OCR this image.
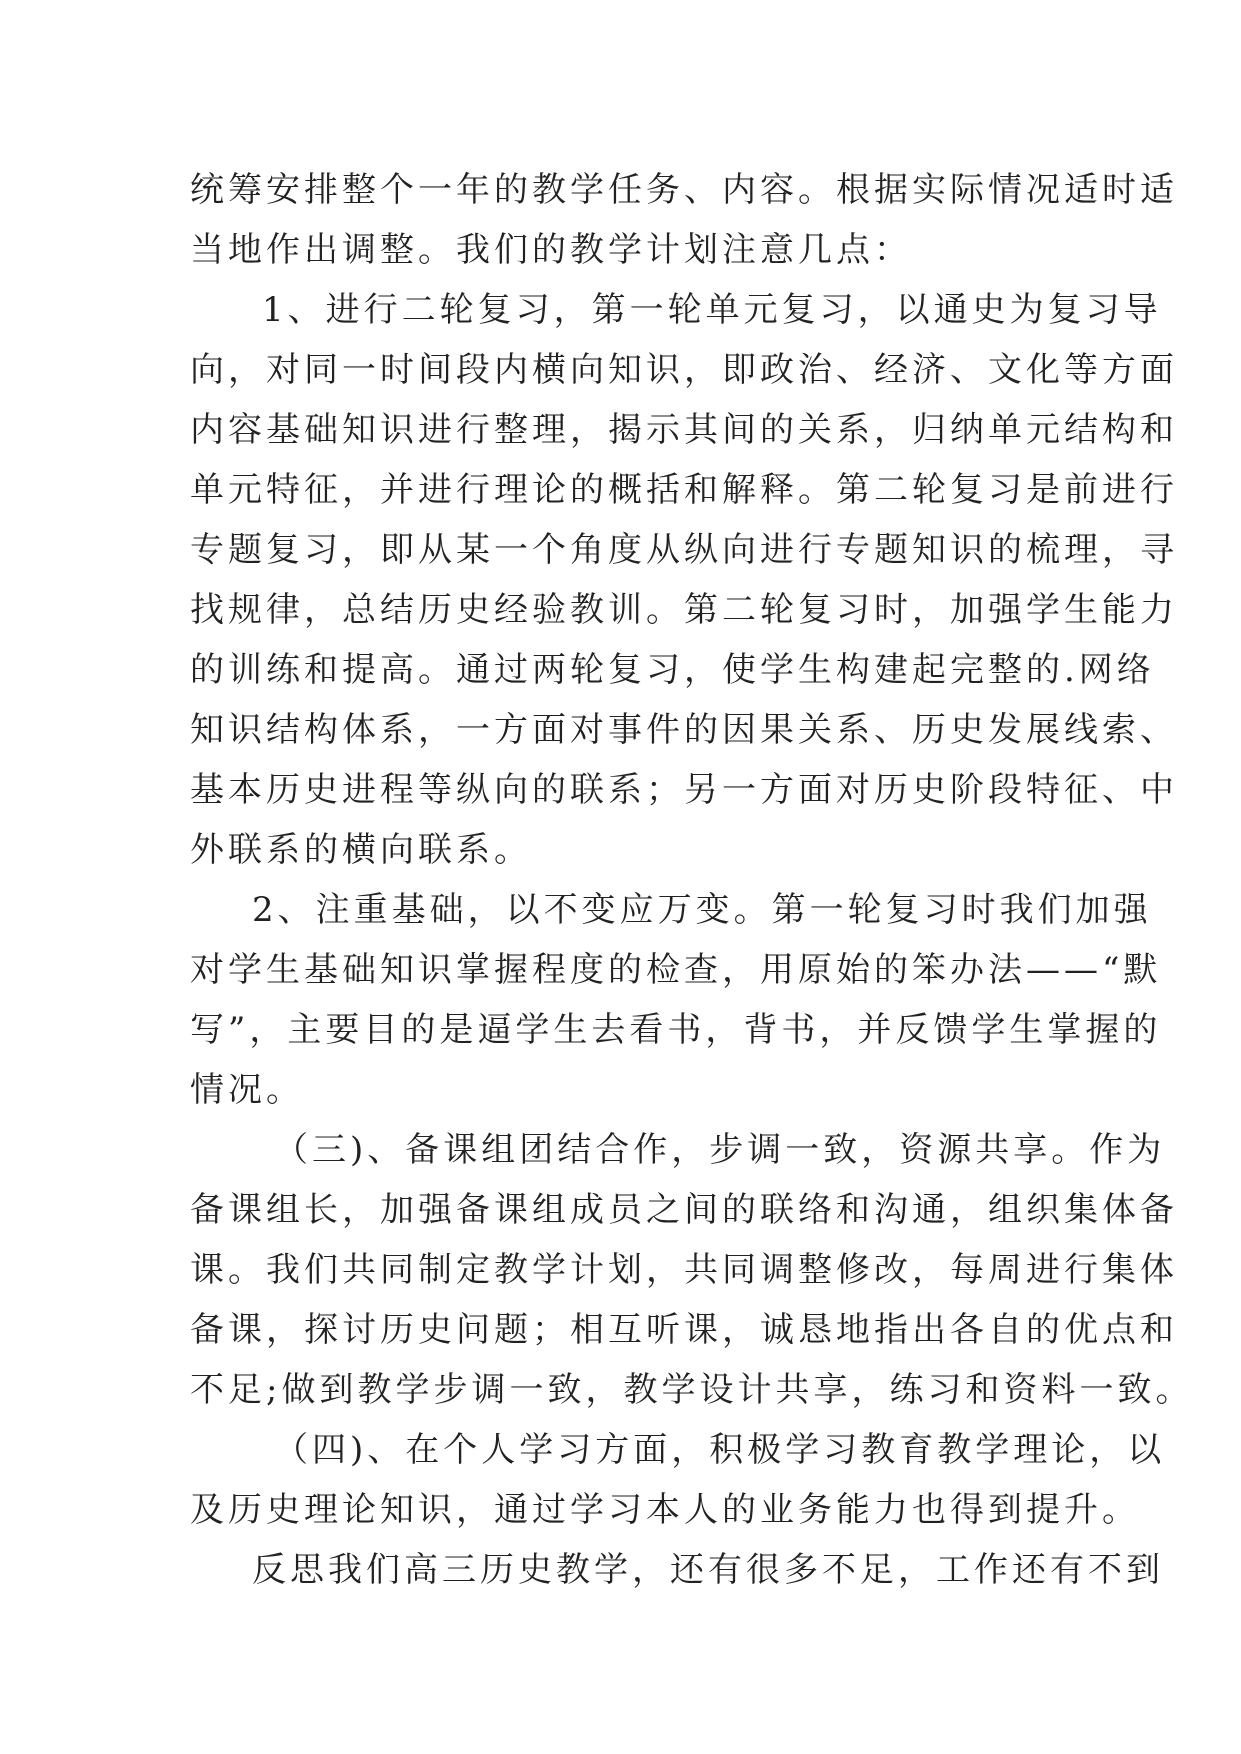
统筹安排整个一年的教学任务、内容。根据实际情况适时适
当地作出调整。我们的教学计划注意几点：
1、进行二轮复习，第一轮单元复习，以通史为复习导
向，对同一时间段内横向知识，即政治、经济、文化等方面
内容基础知识进行整理，揭示其间的关系，归纳单元结构和
单元特征，并进行理论的概括和解释。第二轮复习是前进行
专题复习，即从某一个角度从纵向进行专题知识的梳理，寻
找规律，总结历史经验教训。第二轮复习时，加强学生能力
的训练和提高。通过两轮复习，使学生构建起完整的.网络
知识结构体系，一方面对事件的因果关系、历史发展线索、
基本历史进程等纵向的联系；另一方面对历史阶段特征、中
外联系的横向联系。
2、注重基础，以不变应万变。第一轮复习时我们加强
对学生基础知识掌握程度的检查，用原始的笨办法——“默
写”，主要目的是逼学生去看书，背书，并反馈学生掌握的
情况。
（三)、备课组团结合作，步调一致，资源共享。作为
备课组长，加强备课组成员之间的联络和沟通，组织集体备
课。我们共同制定教学计划，共同调整修改，每周进行集体
备课，探讨历史问题；相互听课，诚恳地指出各自的优点和
不足;做到教学步调一致，教学设计共享，练习和资料一致。
（四)、在个人学习方面，积极学习教育教学理论，以
及历史理论知识，通过学习本人的业务能力也得到提升。
反思我们高三历史教学，还有很多不足，工作还有不到
